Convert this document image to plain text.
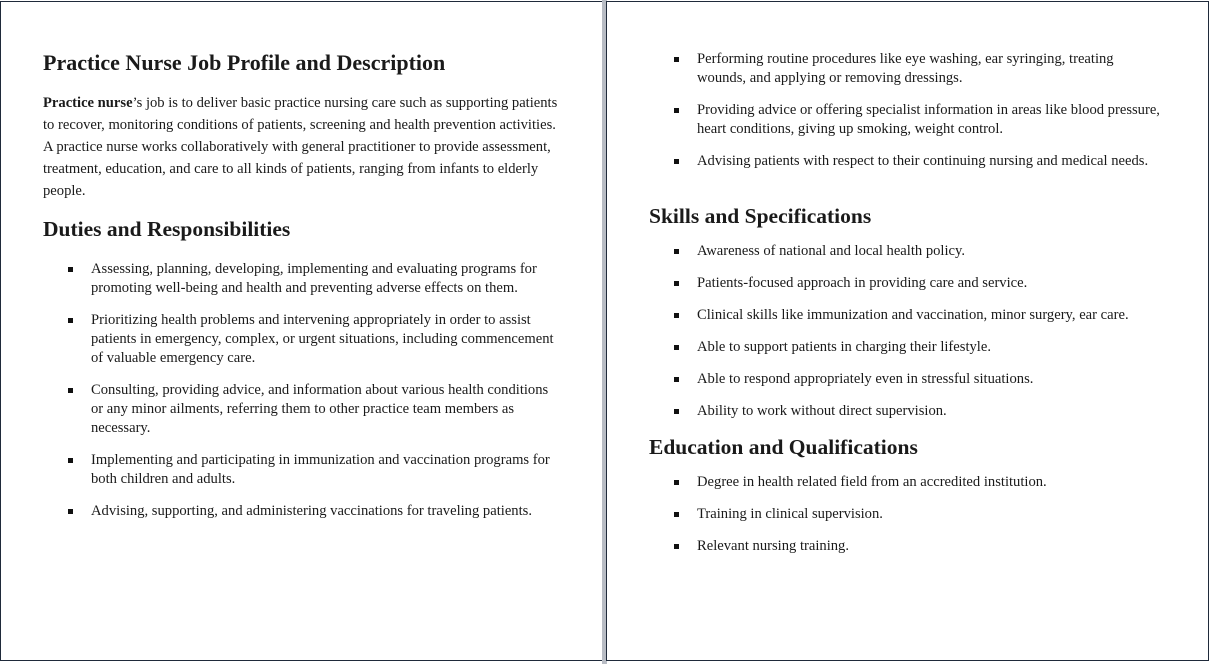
Practice Nurse Job Profile and Description

Practice nurse’s job is to deliver basic practice nursing care such as supporting patients to recover, monitoring conditions of patients, screening and health prevention activities. A practice nurse works collaboratively with general practitioner to provide assessment, treatment, education, and care to all kinds of patients, ranging from infants to elderly people.

Duties and Responsibilities
Assessing, planning, developing, implementing and evaluating programs for promoting well-being and health and preventing adverse effects on them.
Prioritizing health problems and intervening appropriately in order to assist patients in emergency, complex, or urgent situations, including commencement of valuable emergency care.
Consulting, providing advice, and information about various health conditions or any minor ailments, referring them to other practice team members as necessary.
Implementing and participating in immunization and vaccination programs for both children and adults.
Advising, supporting, and administering vaccinations for traveling patients.
Performing routine procedures like eye washing, ear syringing, treating wounds, and applying or removing dressings.
Providing advice or offering specialist information in areas like blood pressure, heart conditions, giving up smoking, weight control.
Advising patients with respect to their continuing nursing and medical needs.
Skills and Specifications
Awareness of national and local health policy.
Patients-focused approach in providing care and service.
Clinical skills like immunization and vaccination, minor surgery, ear care.
Able to support patients in charging their lifestyle.
Able to respond appropriately even in stressful situations.
Ability to work without direct supervision.
Education and Qualifications
Degree in health related field from an accredited institution.
Training in clinical supervision.
Relevant nursing training.
